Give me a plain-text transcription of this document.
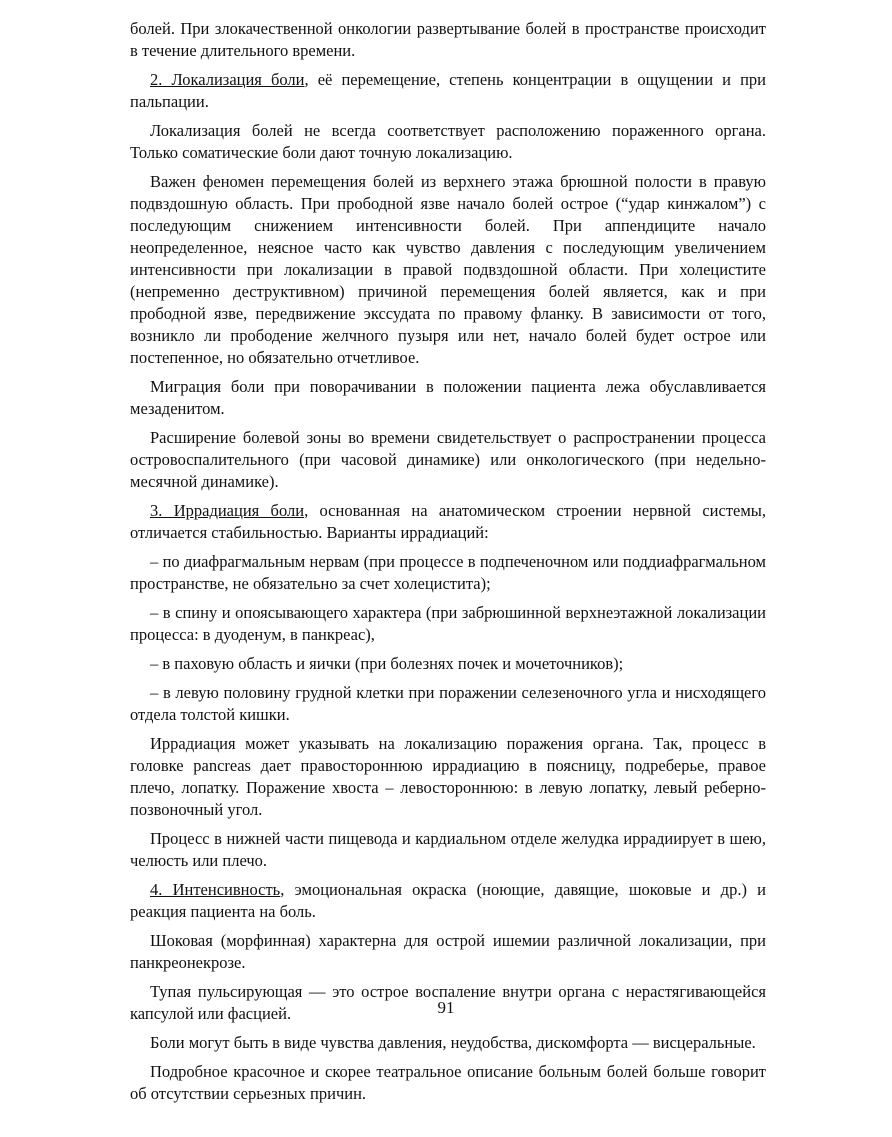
болей. При злокачественной онкологии развертывание болей в пространстве происходит в течение длительного времени.

2. Локализация боли, её перемещение, степень концентрации в ощущении и при пальпации.

Локализация болей не всегда соответствует расположению пораженного органа. Только соматические боли дают точную локализацию.

Важен феномен перемещения болей из верхнего этажа брюшной полости в правую подвздошную область. При прободной язве начало болей острое (“удар кинжалом”) с последующим снижением интенсивности болей. При аппендиците начало неопределенное, неясное часто как чувство давления с последующим увеличением интенсивности при локализации в правой подвздошной области. При холецистите (непременно деструктивном) причиной перемещения болей является, как и при прободной язве, передвижение экссудата по правому фланку. В зависимости от того, возникло ли прободение желчного пузыря или нет, начало болей будет острое или постепенное, но обязательно отчетливое.

Миграция боли при поворачивании в положении пациента лежа обуславливается мезаденитом.

Расширение болевой зоны во времени свидетельствует о распространении процесса островоспалительного (при часовой динамике) или онкологического (при недельно-месячной динамике).

3. Иррадиация боли, основанная на анатомическом строении нервной системы, отличается стабильностью. Варианты иррадиаций:

– по диафрагмальным нервам (при процессе в подпеченочном или поддиафрагмальном пространстве, не обязательно за счет холецистита);

– в спину и опоясывающего характера (при забрюшинной верхнеэтажной локализации процесса: в дуоденум, в панкреас),

– в паховую область и яички (при болезнях почек и мочеточников);

– в левую половину грудной клетки при поражении селезеночного угла и нисходящего отдела толстой кишки.

Иррадиация может указывать на локализацию поражения органа. Так, процесс в головке pancreas дает правостороннюю иррадиацию в поясницу, подреберье, правое плечо, лопатку. Поражение хвоста – левостороннюю: в левую лопатку, левый реберно-позвоночный угол.

Процесс в нижней части пищевода и кардиальном отделе желудка иррадиирует в шею, челюсть или плечо.

4. Интенсивность, эмоциональная окраска (ноющие, давящие, шоковые и др.) и реакция пациента на боль.

Шоковая (морфинная) характерна для острой ишемии различной локализации, при панкреонекрозе.

Тупая пульсирующая — это острое воспаление внутри органа с нерастягивающейся капсулой или фасцией.

Боли могут быть в виде чувства давления, неудобства, дискомфорта — висцеральные.

Подробное красочное и скорее театральное описание больным болей больше говорит об отсутствии серьезных причин.

91
